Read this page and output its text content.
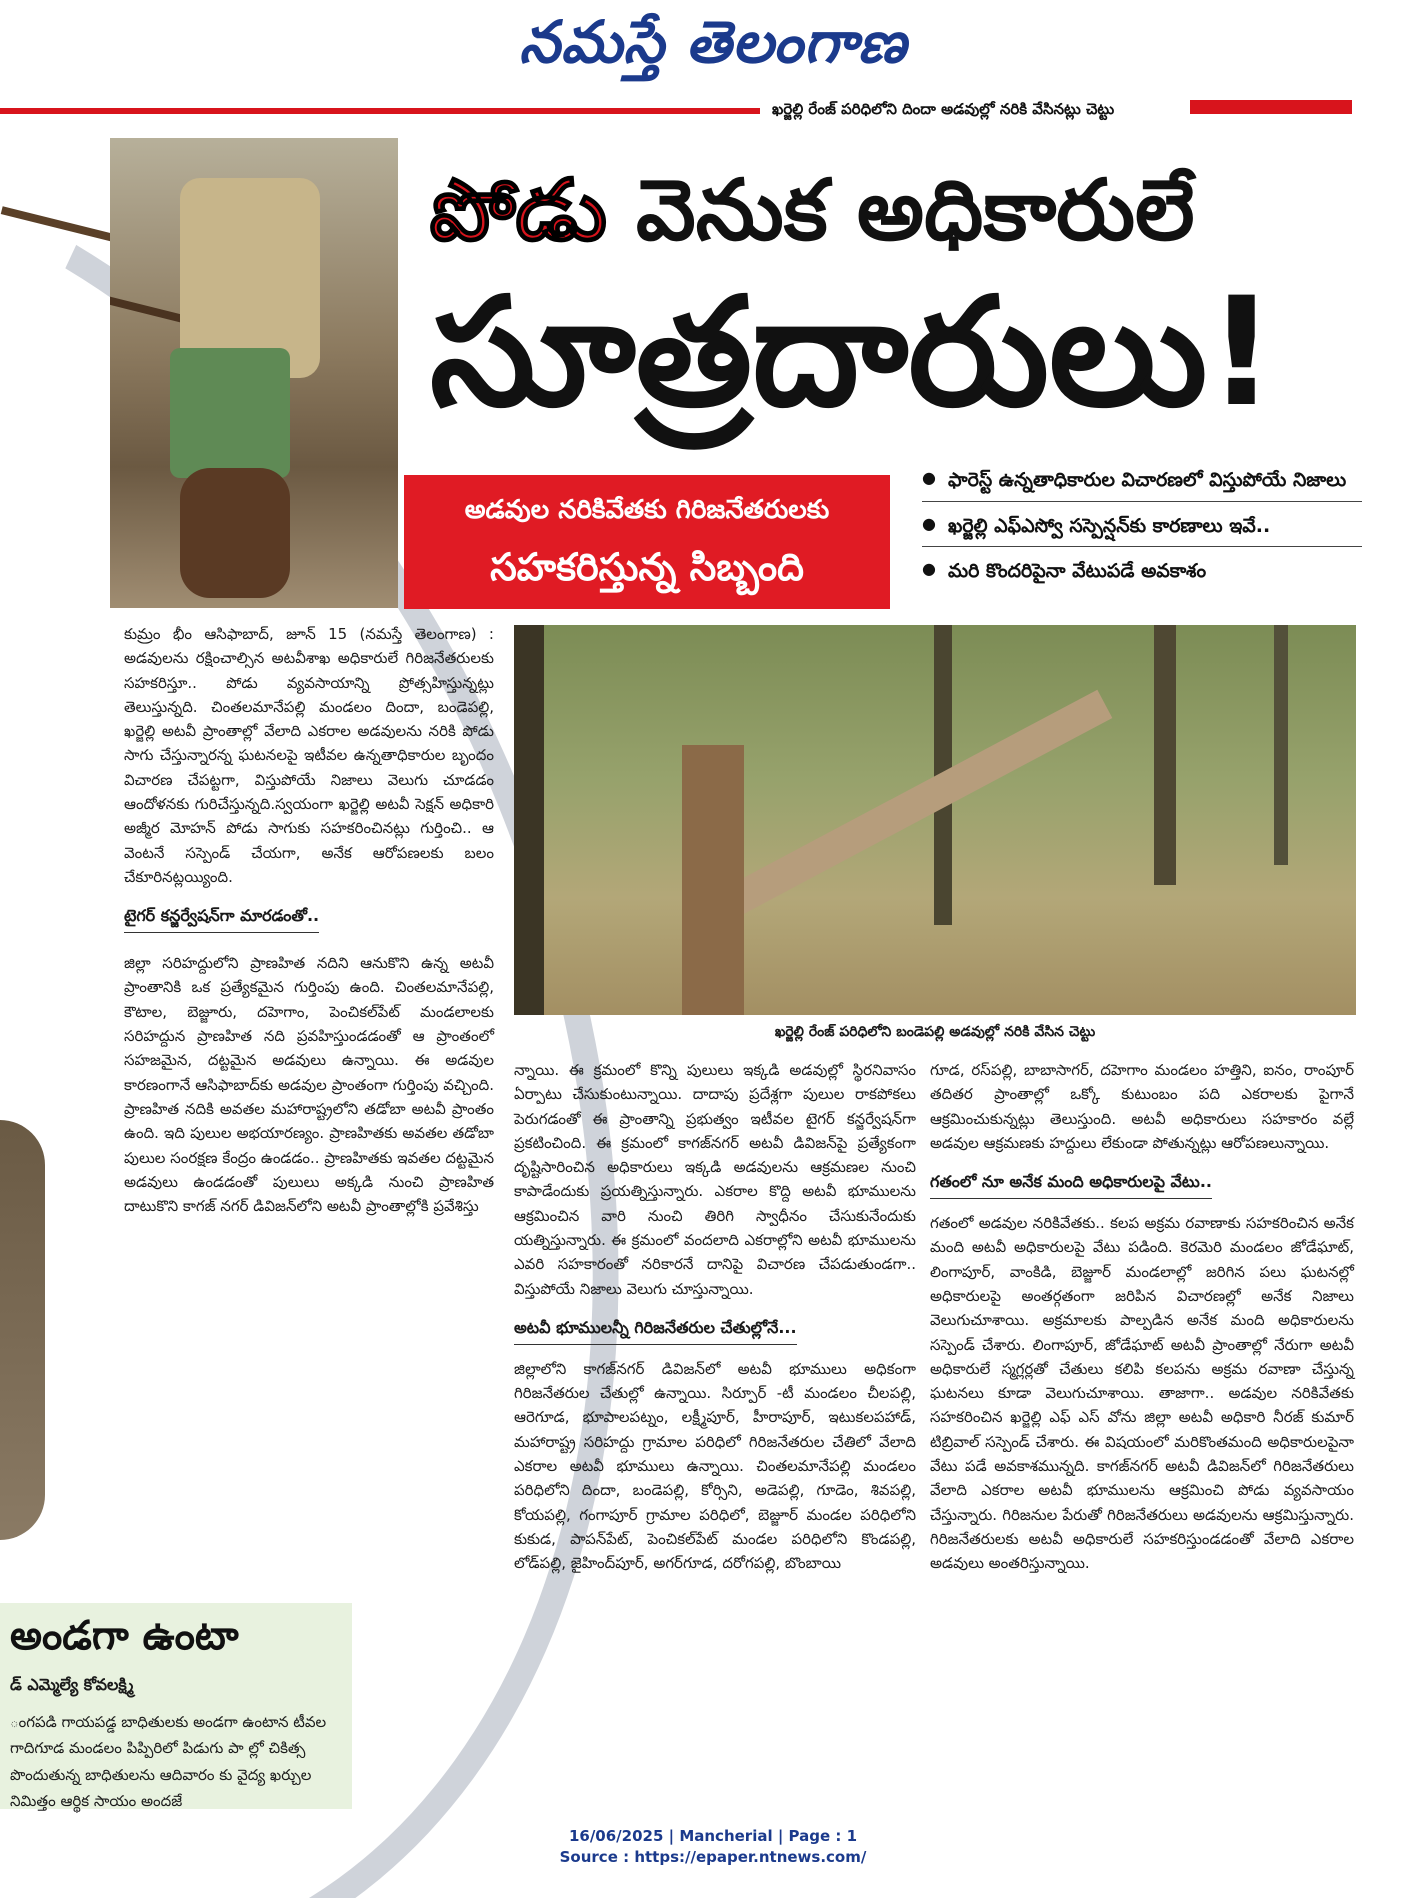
నమస్తే తెలంగాణ
ఖర్జెల్లి రేంజ్ పరిధిలోని దిందా అడవుల్లో నరికి వేసినట్లు చెట్టు
పోడు వెనుక అధికారులే
సూత్రదారులు!
అడవుల నరికివేతకు గిరిజనేతరులకు
సహకరిస్తున్న సిబ్బంది
● ఫారెస్ట్ ఉన్నతాధికారుల విచారణలో విస్తుపోయే నిజాలు
● ఖర్జెల్లి ఎఫ్ఎస్వో సస్పెన్షన్‌కు కారణాలు ఇవే..
● మరి కొందరిపైనా వేటుపడే అవకాశం

కుమ్రం భీం ఆసిఫాబాద్, జూన్ 15 (నమస్తే తెలంగాణ) : అడవులను రక్షించాల్సిన అటవీశాఖ అధికారులే గిరిజనేతరులకు సహకరిస్తూ.. పోడు వ్యవసాయాన్ని ప్రోత్సహిస్తున్నట్లు తెలుస్తున్నది. చింతలమానేపల్లి మండలం దిందా, బండెపల్లి, ఖర్జెల్లి అటవీ ప్రాంతాల్లో వేలాది ఎకరాల అడవులను నరికి పోడు సాగు చేస్తున్నారన్న ఘటనలపై ఇటీవల ఉన్నతాధికారుల బృందం విచారణ చేపట్టగా, విస్తుపోయే నిజాలు వెలుగు చూడడం ఆందోళనకు గురిచేస్తున్నది.స్వయంగా ఖర్జెల్లి అటవీ సెక్షన్ అధికారి అజ్మీర మోహన్ పోడు సాగుకు సహకరించినట్లు గుర్తించి.. ఆ వెంటనే సస్పెండ్ చేయగా, అనేక ఆరోపణలకు బలం చేకూరినట్లయ్యింది.

టైగర్ కన్జర్వేషన్‌గా మారడంతో..

జిల్లా సరిహద్దులోని ప్రాణహిత నదిని ఆనుకొని ఉన్న అటవీ ప్రాంతానికి ఒక ప్రత్యేకమైన గుర్తింపు ఉంది. చింతలమానేపల్లి, కౌటాల, బెజ్జూరు, దహెగాం, పెంచికల్‌పేట్ మండలాలకు సరిహద్దున ప్రాణహిత నది ప్రవహిస్తుండడంతో ఆ ప్రాంతంలో సహజమైన, దట్టమైన అడవులు ఉన్నాయి. ఈ అడవుల కారణంగానే ఆసిఫాబాద్‌కు అడవుల ప్రాంతంగా గుర్తింపు వచ్చింది. ప్రాణహిత నదికి అవతల మహారాష్ట్రలోని తడోబా అటవీ ప్రాంతం ఉంది. ఇది పులుల అభయారణ్యం. ప్రాణహితకు అవతల తడోబా పులుల సంరక్షణ కేంద్రం ఉండడం.. ప్రాణహితకు ఇవతల దట్టమైన అడవులు ఉండడంతో పులులు అక్కడి నుంచి ప్రాణహిత దాటుకొని కాగజ్ నగర్ డివిజన్‌లోని అటవీ ప్రాంతాల్లోకి ప్రవేశిస్తు

ఖర్జెల్లి రేంజ్ పరిధిలోని బండెపల్లి అడవుల్లో నరికి వేసిన చెట్టు

న్నాయి. ఈ క్రమంలో కొన్ని పులులు ఇక్కడి అడవుల్లో స్థిరనివాసం ఏర్పాటు చేసుకుంటున్నాయి. దాదాపు ప్రదేశ్లగా పులుల రాకపోకలు పెరుగడంతో ఈ ప్రాంతాన్ని ప్రభుత్వం ఇటీవల టైగర్ కన్జర్వేషన్‌గా ప్రకటించింది. ఈ క్రమంలో కాగజ్‌నగర్ అటవీ డివిజన్‌పై ప్రత్యేకంగా దృష్టిసారించిన అధికారులు ఇక్కడి అడవులను ఆక్రమణల నుంచి కాపాడేందుకు ప్రయత్నిస్తున్నారు. ఎకరాల కొద్ది అటవీ భూములను ఆక్రమించిన వారి నుంచి తిరిగి స్వాధీనం చేసుకునేందుకు యత్నిస్తున్నారు. ఈ క్రమంలో వందలాది ఎకరాల్లోని అటవీ భూములను ఎవరి సహకారంతో నరికారనే దానిపై విచారణ చేపడుతుండగా.. విస్తుపోయే నిజాలు వెలుగు చూస్తున్నాయి.

అటవీ భూములన్నీ గిరిజనేతరుల చేతుల్లోనే...

జిల్లాలోని కాగజ్‌నగర్ డివిజన్‌లో అటవీ భూములు అధికంగా గిరిజనేతరుల చేతుల్లో ఉన్నాయి. సిర్పూర్ -టీ మండలం చీలపల్లి, ఆరెగూడ, భూపాలపట్నం, లక్ష్మీపూర్, హీరాపూర్, ఇటుకలపహాడ్, మహారాష్ట్ర సరిహద్దు గ్రామాల పరిధిలో గిరిజనేతరుల చేతిలో వేలాది ఎకరాల అటవీ భూములు ఉన్నాయి. చింతలమానేపల్లి మండలం పరిధిలోని దిందా, బండెపల్లి, కోర్సిని, అడెపల్లి, గూడెం, శివపల్లి, కోయపల్లి, గంగాపూర్ గ్రామాల పరిధిలో, బెజ్జూర్ మండల పరిధిలోని కుకుడ, పాపన్‌పేట్, పెంచికల్‌పేట్ మండల పరిధిలోని కొండపల్లి, లోడ్‌పల్లి, జైహింద్‌పూర్, అగర్‌గూడ, దరోగపల్లి, బొంబాయి

గూడ, రస్‌పల్లి, బాబాసాగర్, దహెగాం మండలం హత్తిని, ఐనం, రాంపూర్ తదితర ప్రాంతాల్లో ఒక్కో కుటుంబం పది ఎకరాలకు పైగానే ఆక్రమించుకున్నట్లు తెలుస్తుంది. అటవీ అధికారులు సహకారం వల్లే అడవుల ఆక్రమణకు హద్దులు లేకుండా పోతున్నట్లు ఆరోపణలున్నాయి.

గతంలో నూ అనేక మంది అధికారులపై వేటు..

గతంలో అడవుల నరికివేతకు.. కలప అక్రమ రవాణాకు సహకరించిన అనేక మంది అటవీ అధికారులపై వేటు పడింది. కెరమెరి మండలం జోడేఘాట్, లింగాపూర్, వాంకిడి, బెజ్జూర్ మండలాల్లో జరిగిన పలు ఘటనల్లో అధికారులపై అంతర్గతంగా జరిపిన విచారణల్లో అనేక నిజాలు వెలుగుచూశాయి. అక్రమాలకు పాల్పడిన అనేక మంది అధికారులను సస్పెండ్ చేశారు. లింగాపూర్, జోడేఘాట్ అటవీ ప్రాంతాల్లో నేరుగా అటవీ అధికారులే స్మగ్లర్లతో చేతులు కలిపి కలపను అక్రమ రవాణా చేస్తున్న ఘటనలు కూడా వెలుగుచూశాయి. తాజాగా.. అడవుల నరికివేతకు సహకరించిన ఖర్జెల్లి ఎఫ్ ఎస్ వోను జిల్లా అటవీ అధికారి నీరజ్ కుమార్ టిబ్రివాల్ సస్పెండ్ చేశారు. ఈ విషయంలో మరికొంతమంది అధికారులపైనా వేటు పడే అవకాశమున్నది. కాగజ్‌నగర్ అటవీ డివిజన్‌లో గిరిజనేతరులు వేలాది ఎకరాల అటవీ భూములను ఆక్రమించి పోడు వ్యవసాయం చేస్తున్నారు. గిరిజనుల పేరుతో గిరిజనేతరులు అడవులను ఆక్రమిస్తున్నారు. గిరిజనేతరులకు అటవీ అధికారులే సహకరిస్తుండడంతో వేలాది ఎకరాల అడవులు అంతరిస్తున్నాయి.

అండగా ఉంటా
డ్ ఎమ్మెల్యే కోవలక్ష్మి
ంగపడి గాయపడ్డ బాధితులకు అండగా ఉంటాన టీవల గాదిగూడ మండలం పిప్పిరిలో పిడుగు పా ల్లో చికిత్స పొందుతున్న బాధితులను ఆదివారం కు వైద్య ఖర్చుల నిమిత్తం ఆర్థిక సాయం అందజే
16/06/2025 | Mancherial | Page : 1
Source : https://epaper.ntnews.com/
